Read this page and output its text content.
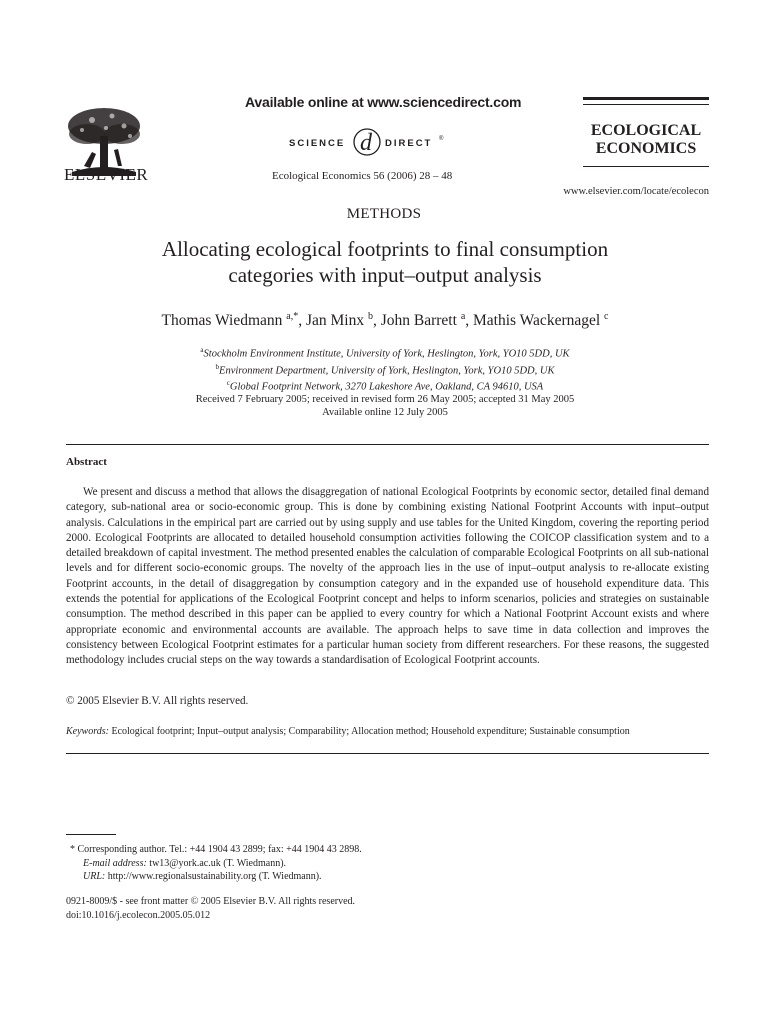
ELSEVIER
Available online at www.sciencedirect.com
SCIENCE d DIRECT ®
Ecological Economics 56 (2006) 28 – 48
ECOLOGICAL
ECONOMICS
www.elsevier.com/locate/ecolecon
METHODS
Allocating ecological footprints to final consumption
categories with input–output analysis
Thomas Wiedmann $^{a,*}$, Jan Minx $^b$, John Barrett $^a$, Mathis Wackernagel $^c$
$^a$Stockholm Environment Institute, University of York, Heslington, York, YO10 5DD, UK
$^b$Environment Department, University of York, Heslington, York, YO10 5DD, UK
$^c$Global Footprint Network, 3270 Lakeshore Ave, Oakland, CA 94610, USA
Received 7 February 2005; received in revised form 26 May 2005; accepted 31 May 2005
Available online 12 July 2005
Abstract
We present and discuss a method that allows the disaggregation of national Ecological Footprints by economic sector, detailed final demand category, sub-national area or socio-economic group. This is done by combining existing National Footprint Accounts with input–output analysis. Calculations in the empirical part are carried out by using supply and use tables for the United Kingdom, covering the reporting period 2000. Ecological Footprints are allocated to detailed household consumption activities following the COICOP classification system and to a detailed breakdown of capital investment. The method presented enables the calculation of comparable Ecological Footprints on all sub-national levels and for different socio-economic groups. The novelty of the approach lies in the use of input–output analysis to re-allocate existing Footprint accounts, in the detail of disaggregation by consumption category and in the expanded use of household expenditure data. This extends the potential for applications of the Ecological Footprint concept and helps to inform scenarios, policies and strategies on sustainable consumption. The method described in this paper can be applied to every country for which a National Footprint Account exists and where appropriate economic and environmental accounts are available. The approach helps to save time in data collection and improves the consistency between Ecological Footprint estimates for a particular human society from different researchers. For these reasons, the suggested methodology includes crucial steps on the way towards a standardisation of Ecological Footprint accounts.
© 2005 Elsevier B.V. All rights reserved.
Keywords: Ecological footprint; Input–output analysis; Comparability; Allocation method; Household expenditure; Sustainable consumption
* Corresponding author. Tel.: +44 1904 43 2899; fax: +44 1904 43 2898.
E-mail address: tw13@york.ac.uk (T. Wiedmann).
URL: http://www.regionalsustainability.org (T. Wiedmann).
0921-8009/$ - see front matter © 2005 Elsevier B.V. All rights reserved.
doi:10.1016/j.ecolecon.2005.05.012
